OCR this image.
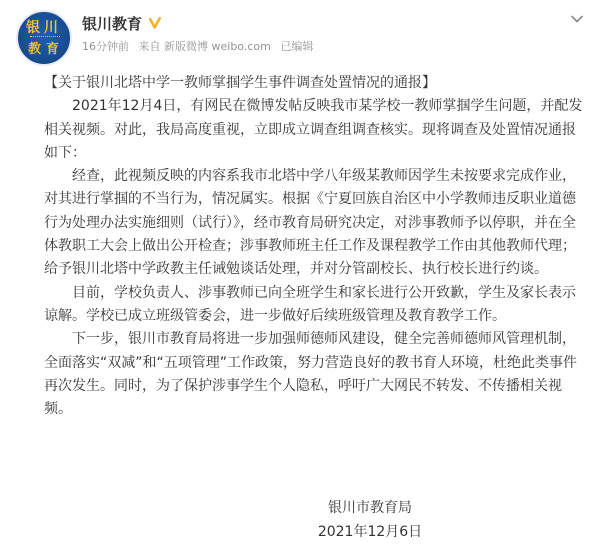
银 川
教 育
银川教育
16分钟前 来自 新版微博 weibo.com 已编辑

【关于银川北塔中学一教师掌掴学生事件调查处置情况的通报】

2021年12月4日，有网民在微博发帖反映我市某学校一教师掌掴学生问题，并配发相关视频。对此，我局高度重视，立即成立调查组调查核实。现将调查及处置情况通报如下：

经查，此视频反映的内容系我市北塔中学八年级某教师因学生未按要求完成作业，对其进行掌掴的不当行为，情况属实。根据《宁夏回族自治区中小学教师违反职业道德行为处理办法实施细则（试行）》，经市教育局研究决定，对涉事教师予以停职，并在全体教职工大会上做出公开检查；涉事教师班主任工作及课程教学工作由其他教师代理；给予银川北塔中学政教主任诫勉谈话处理，并对分管副校长、执行校长进行约谈。

目前，学校负责人、涉事教师已向全班学生和家长进行公开致歉，学生及家长表示谅解。学校已成立班级管委会，进一步做好后续班级管理及教育教学工作。

下一步，银川市教育局将进一步加强师德师风建设，健全完善师德师风管理机制，全面落实“双减”和“五项管理”工作政策，努力营造良好的教书育人环境，杜绝此类事件再次发生。同时，为了保护涉事学生个人隐私，呼吁广大网民不转发、不传播相关视频。

银川市教育局
2021年12月6日
